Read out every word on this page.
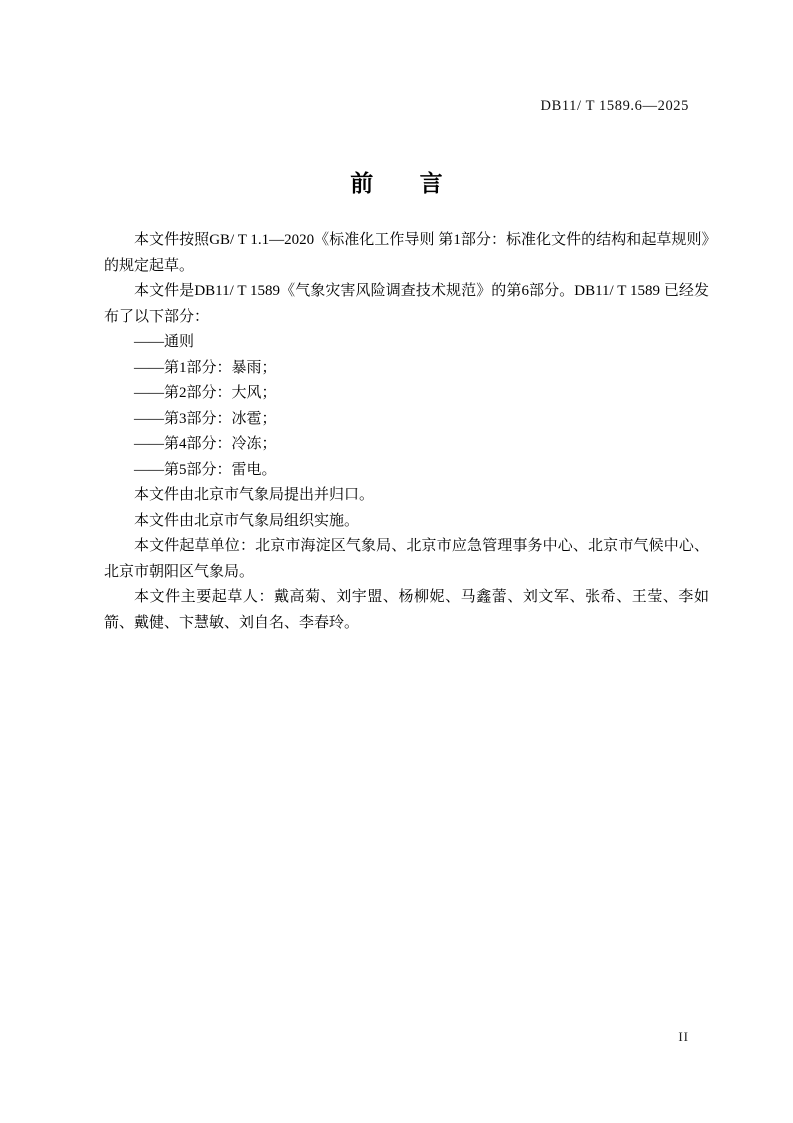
DB11/ T 1589.6—2025
前 言

本文件按照GB/ T 1.1—2020《标准化工作导则 第1部分：标准化文件的结构和起草规则》的规定起草。

本文件是DB11/ T 1589《气象灾害风险调查技术规范》的第6部分。DB11/ T 1589 已经发布了以下部分：

——通则

——第1部分：暴雨；

——第2部分：大风；

——第3部分：冰雹；

——第4部分：冷冻；

——第5部分：雷电。

本文件由北京市气象局提出并归口。

本文件由北京市气象局组织实施。

本文件起草单位：北京市海淀区气象局、北京市应急管理事务中心、北京市气候中心、北京市朝阳区气象局。

本文件主要起草人：戴高菊、刘宇盟、杨柳妮、马鑫蕾、刘文军、张希、王莹、李如箭、戴健、卞慧敏、刘自名、李春玲。

II
